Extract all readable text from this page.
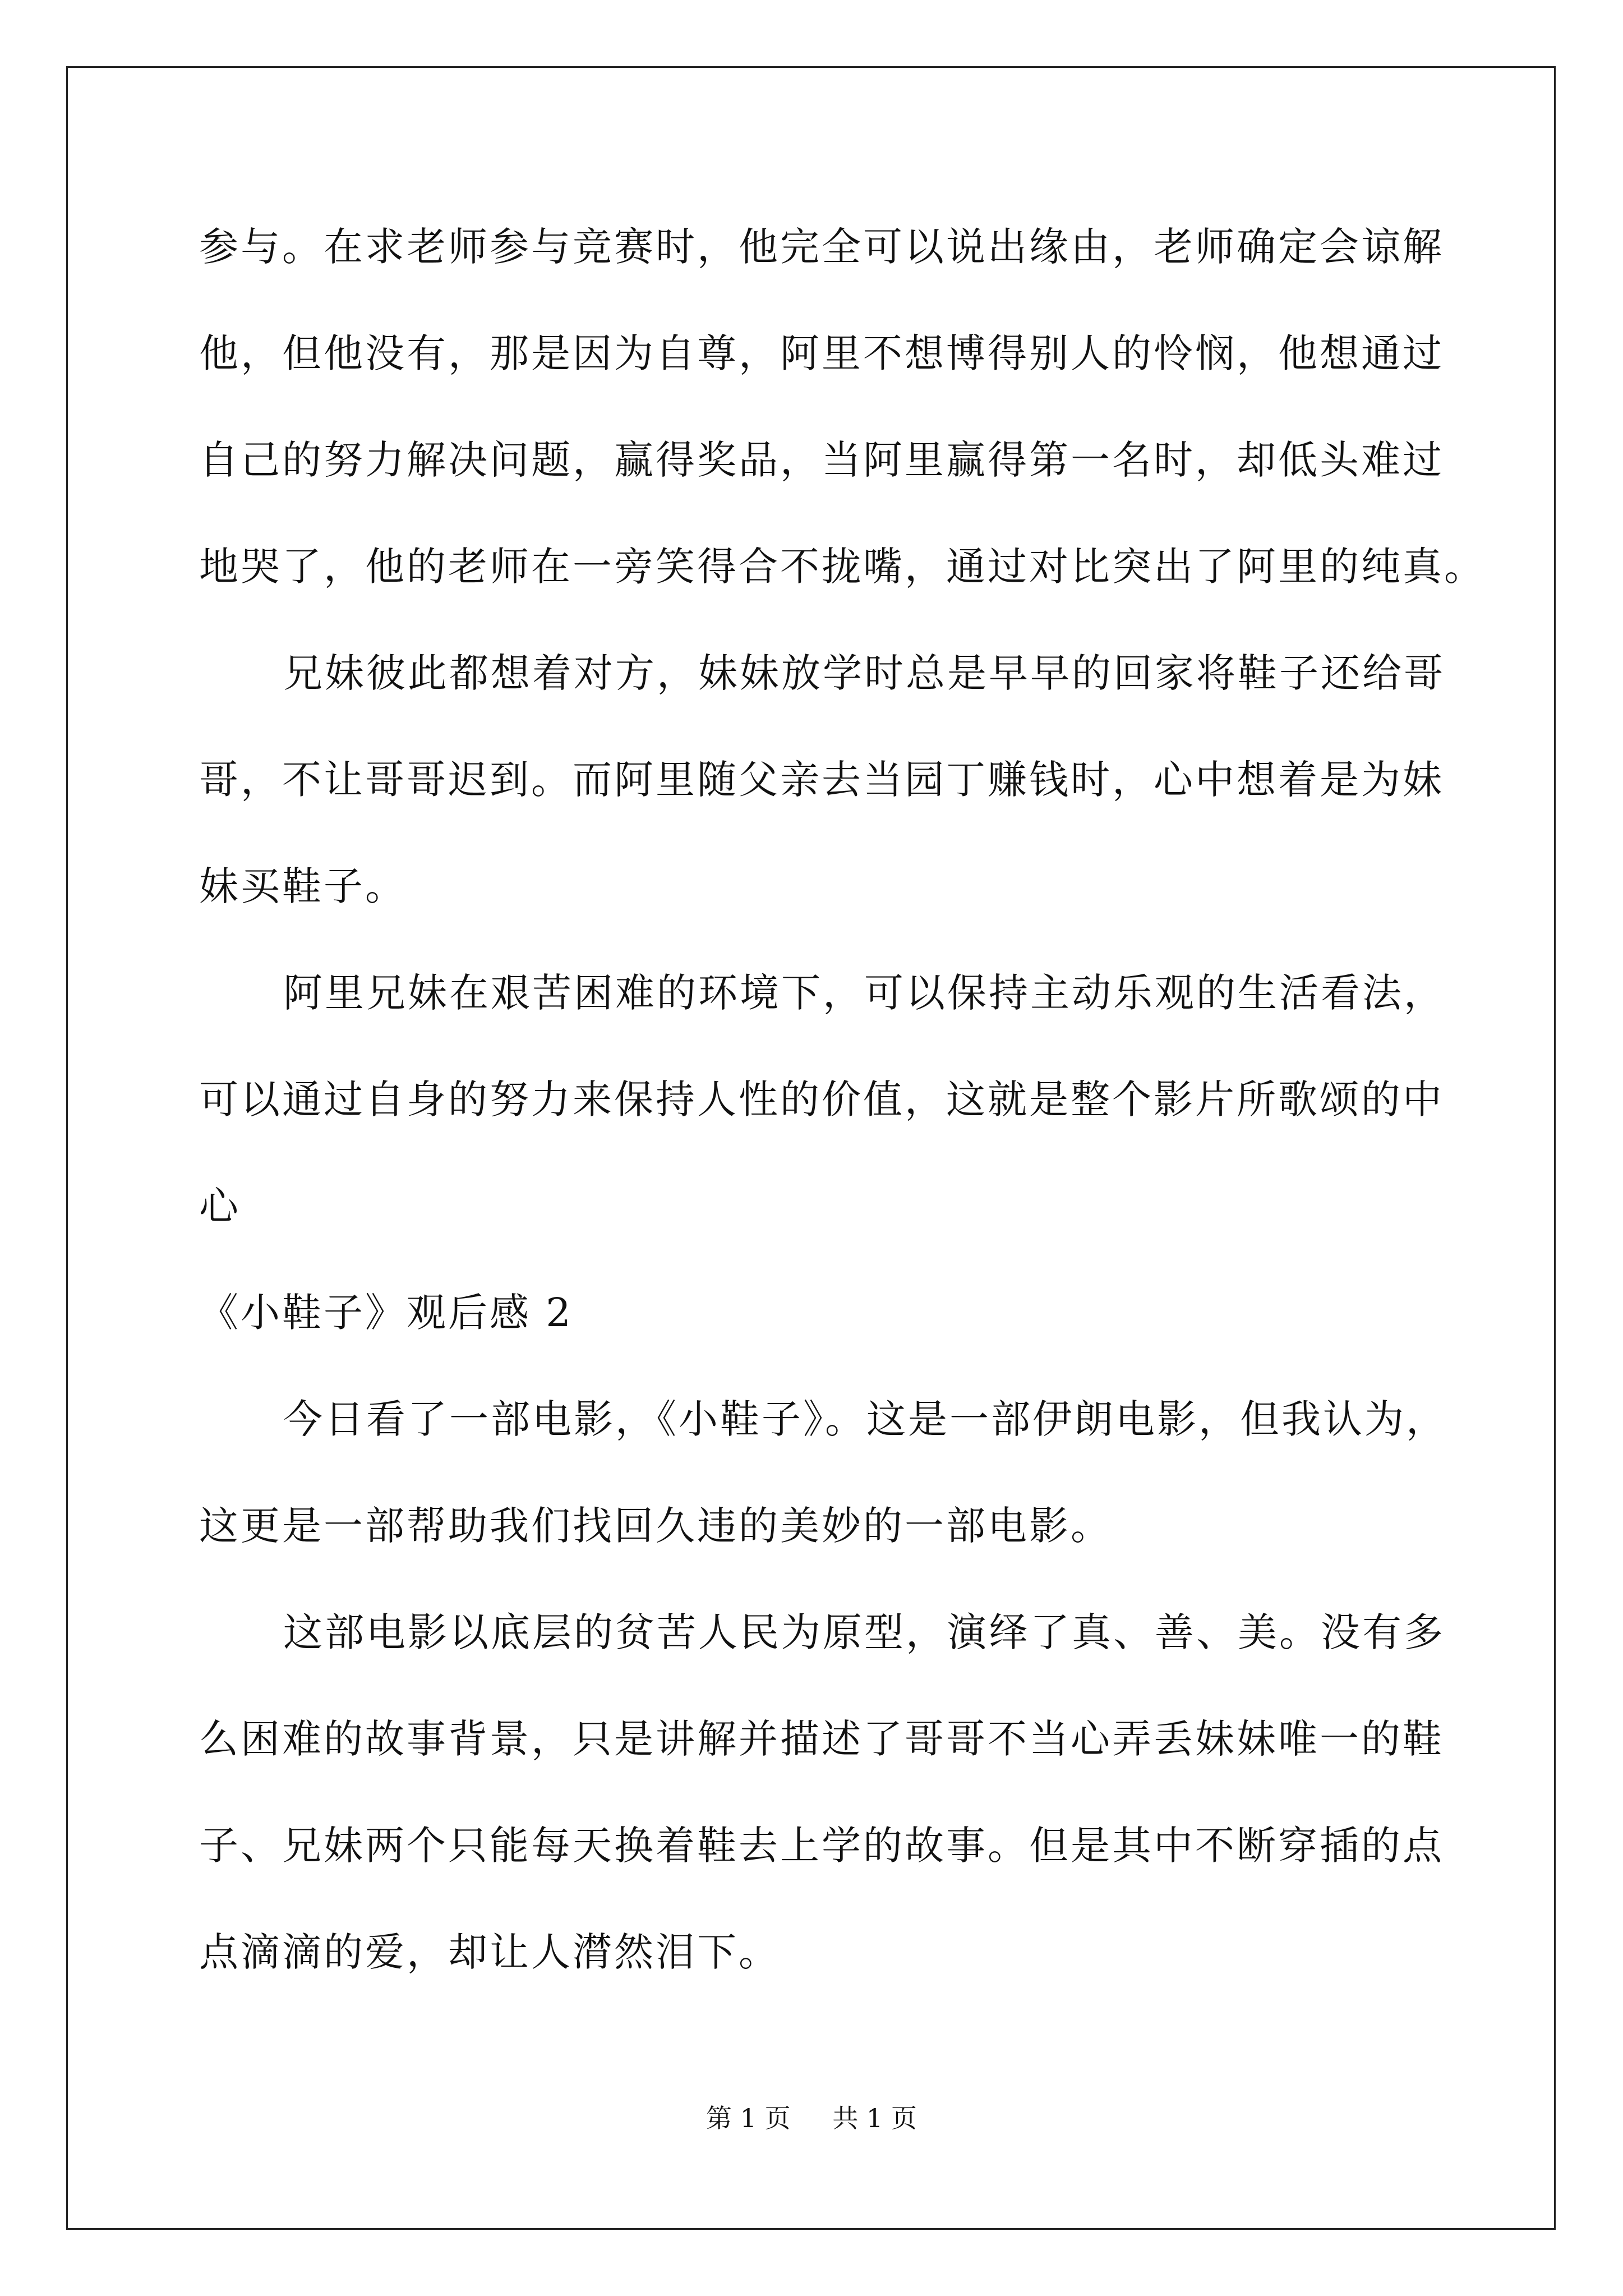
参与。在求老师参与竞赛时，他完全可以说出缘由，老师确定会谅解
他，但他没有，那是因为自尊，阿里不想博得别人的怜悯，他想通过
自己的努力解决问题，赢得奖品，当阿里赢得第一名时，却低头难过
地哭了，他的老师在一旁笑得合不拢嘴，通过对比突出了阿里的纯真。
兄妹彼此都想着对方，妹妹放学时总是早早的回家将鞋子还给哥
哥，不让哥哥迟到。而阿里随父亲去当园丁赚钱时，心中想着是为妹
妹买鞋子。
阿里兄妹在艰苦困难的环境下，可以保持主动乐观的生活看法，
可以通过自身的努力来保持人性的价值，这就是整个影片所歌颂的中
心
《小鞋子》观后感 2
今日看了一部电影，《小鞋子》。这是一部伊朗电影，但我认为，
这更是一部帮助我们找回久违的美妙的一部电影。
这部电影以底层的贫苦人民为原型，演绎了真、善、美。没有多
么困难的故事背景，只是讲解并描述了哥哥不当心弄丢妹妹唯一的鞋
子、兄妹两个只能每天换着鞋去上学的故事。但是其中不断穿插的点
点滴滴的爱，却让人潸然泪下。
第 1 页 共 1 页
